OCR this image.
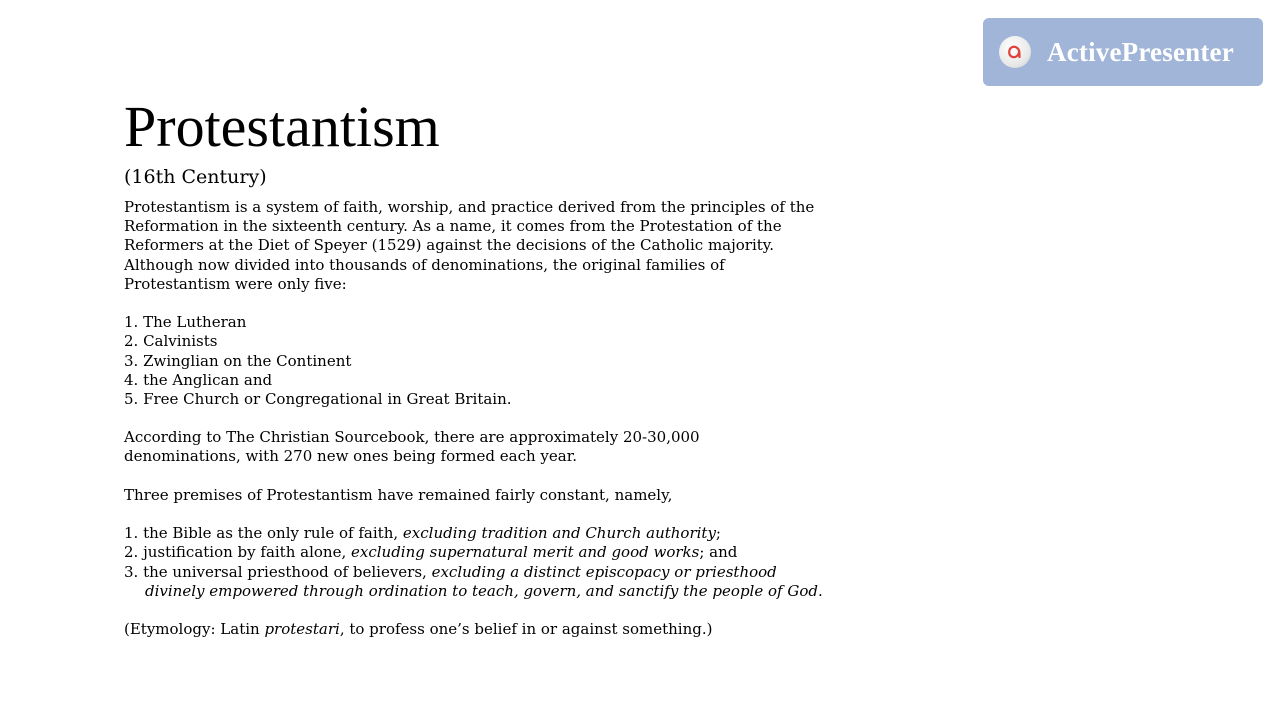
ActivePresenter
Protestantism
(16th Century)
Protestantism is a system of faith, worship, and practice derived from the principles of the
Reformation in the sixteenth century. As a name, it comes from the Protestation of the
Reformers at the Diet of Speyer (1529) against the decisions of the Catholic majority.
Although now divided into thousands of denominations, the original families of
Protestantism were only five:
1. The Lutheran
2. Calvinists
3. Zwinglian on the Continent
4. the Anglican and
5. Free Church or Congregational in Great Britain.
According to The Christian Sourcebook, there are approximately 20-30,000
denominations, with 270 new ones being formed each year.
Three premises of Protestantism have remained fairly constant, namely,
1. the Bible as the only rule of faith, excluding tradition and Church authority;
2. justification by faith alone, excluding supernatural merit and good works; and
3. the universal priesthood of believers, excluding a distinct episcopacy or priesthood
divinely empowered through ordination to teach, govern, and sanctify the people of God.
(Etymology: Latin protestari, to profess one’s belief in or against something.)
